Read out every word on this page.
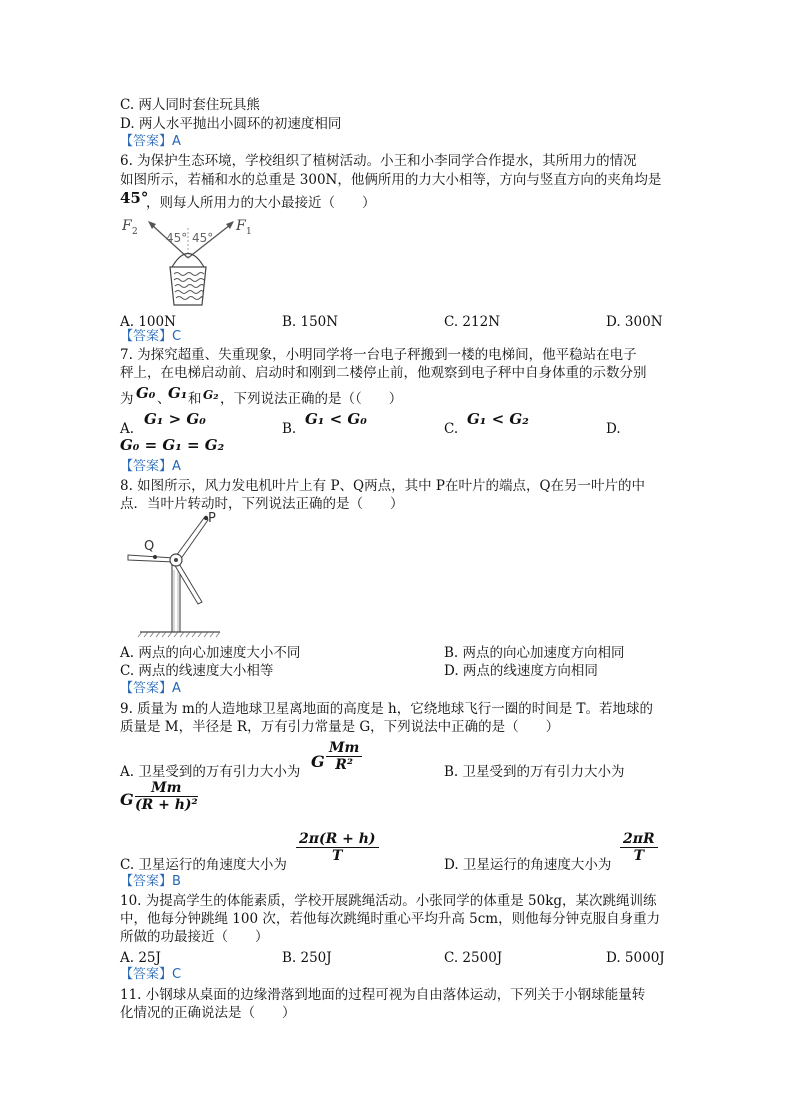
C. 两人同时套住玩具熊
D. 两人水平抛出小圆环的初速度相同
【答案】A
6. 为保护生态环境，学校组织了植树活动。小王和小李同学合作提水，其所用力的情况
如图所示，若桶和水的总重是 300N，他俩所用的力大小相等，方向与竖直方向的夹角均是
45°
，则每人所用力的大小最接近（　　）
F 2	F 1
45° 45°
A. 100N	B. 150N	C. 212N	D. 300N
【答案】C
7. 为探究超重、失重现象，小明同学将一台电子秤搬到一楼的电梯间，他平稳站在电子
秤上，在电梯启动前、启动时和刚到二楼停止前，他观察到电子秤中自身体重的示数分别
为 G₀ 、
G₁ 和 G₂ ，下列说法正确的是（（　　）
A.
G₁ > G₀
B.
G₁ < G₀
C.
G₁ < G₂
D.
G₀ = G₁ = G₂
【答案】A
8. 如图所示，风力发电机叶片上有 P、Q两点，其中 P在叶片的端点，Q在另一叶片的中
点．当叶片转动时，下列说法正确的是（　　）
P
Q
A. 两点的向心加速度大小不同	B. 两点的向心加速度方向相同
C. 两点的线速度大小相等	D. 两点的线速度方向相同
【答案】A
9. 质量为 m的人造地球卫星离地面的高度是 h，它绕地球飞行一圈的时间是 T。若地球的
质量是 M，半径是 R，万有引力常量是 G，下列说法中正确的是（　　）
A. 卫星受到的万有引力大小为
G $\frac{Mm}{\text{R²}}$	B. 卫星受到的万有引力大小为
G $\frac{Mm}{\text{(R + h)²}}$
C. 卫星运行的角速度大小为
$\frac{2\pi(R + h)}{T}$
D. 卫星运行的角速度大小为
$\frac{2\pi R}{T}$
【答案】B
10. 为提高学生的体能素质，学校开展跳绳活动。小张同学的体重是 50kg，某次跳绳训练
中，他每分钟跳绳 100 次，若他每次跳绳时重心平均升高 5cm，则他每分钟克服自身重力
所做的功最接近（　　）
A. 25J	B. 250J	C. 2500J	D. 5000J
【答案】C
11. 小钢球从桌面的边缘滑落到地面的过程可视为自由落体运动，下列关于小钢球能量转
化情况的正确说法是（　　）
